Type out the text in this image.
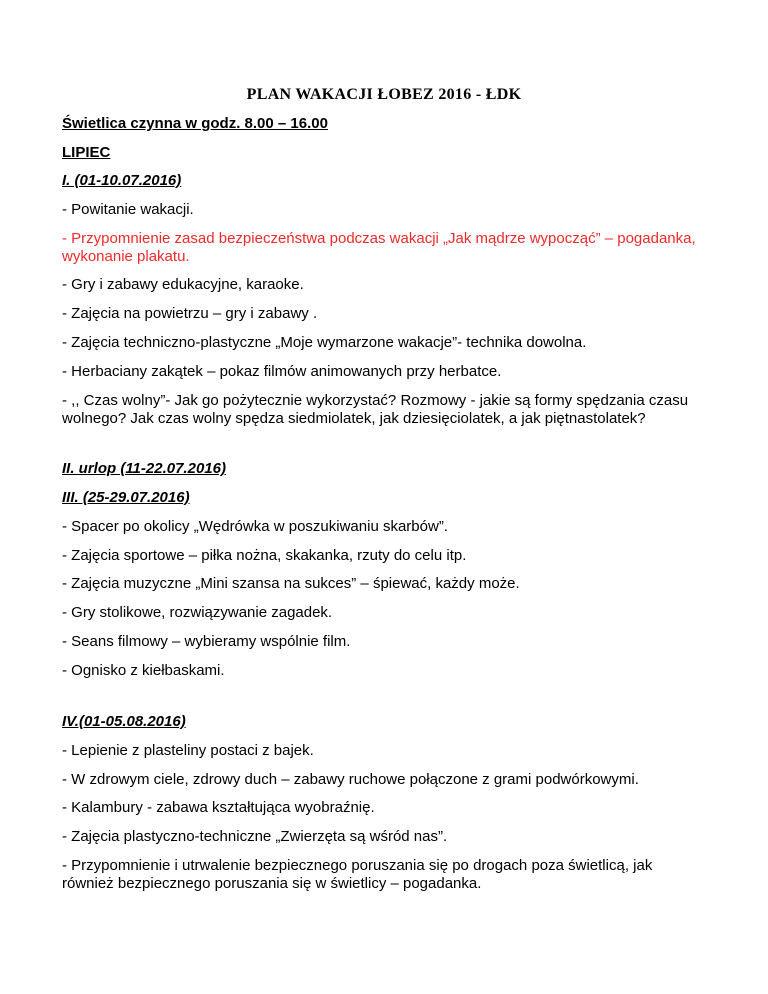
PLAN WAKACJI ŁOBEZ 2016 - ŁDK

Świetlica czynna w godz. 8.00 – 16.00

LIPIEC

I. (01-10.07.2016)

- Powitanie wakacji.

- Przypomnienie zasad bezpieczeństwa podczas wakacji „Jak mądrze wypocząć” – pogadanka, wykonanie plakatu.

- Gry i zabawy edukacyjne, karaoke.

- Zajęcia na powietrzu – gry i zabawy .

- Zajęcia techniczno-plastyczne „Moje wymarzone wakacje”- technika dowolna.

- Herbaciany zakątek – pokaz filmów animowanych przy herbatce.

- ,, Czas wolny”- Jak go pożytecznie wykorzystać? Rozmowy - jakie są formy spędzania czasu wolnego? Jak czas wolny spędza siedmiolatek, jak dziesięciolatek, a jak piętnastolatek?

II. urlop (11-22.07.2016)

III. (25-29.07.2016)

- Spacer po okolicy „Wędrówka w poszukiwaniu skarbów”.

- Zajęcia sportowe – piłka nożna, skakanka, rzuty do celu itp.

- Zajęcia muzyczne „Mini szansa na sukces” – śpiewać, każdy może.

- Gry stolikowe, rozwiązywanie zagadek.

- Seans filmowy – wybieramy wspólnie film.

- Ognisko z kiełbaskami.

IV.(01-05.08.2016)

- Lepienie z plasteliny postaci z bajek.

- W zdrowym ciele, zdrowy duch – zabawy ruchowe połączone z grami podwórkowymi.

- Kalambury - zabawa kształtująca wyobraźnię.

- Zajęcia plastyczno-techniczne „Zwierzęta są wśród nas”.

- Przypomnienie i utrwalenie bezpiecznego poruszania się po drogach poza świetlicą, jak również bezpiecznego poruszania się w świetlicy – pogadanka.
